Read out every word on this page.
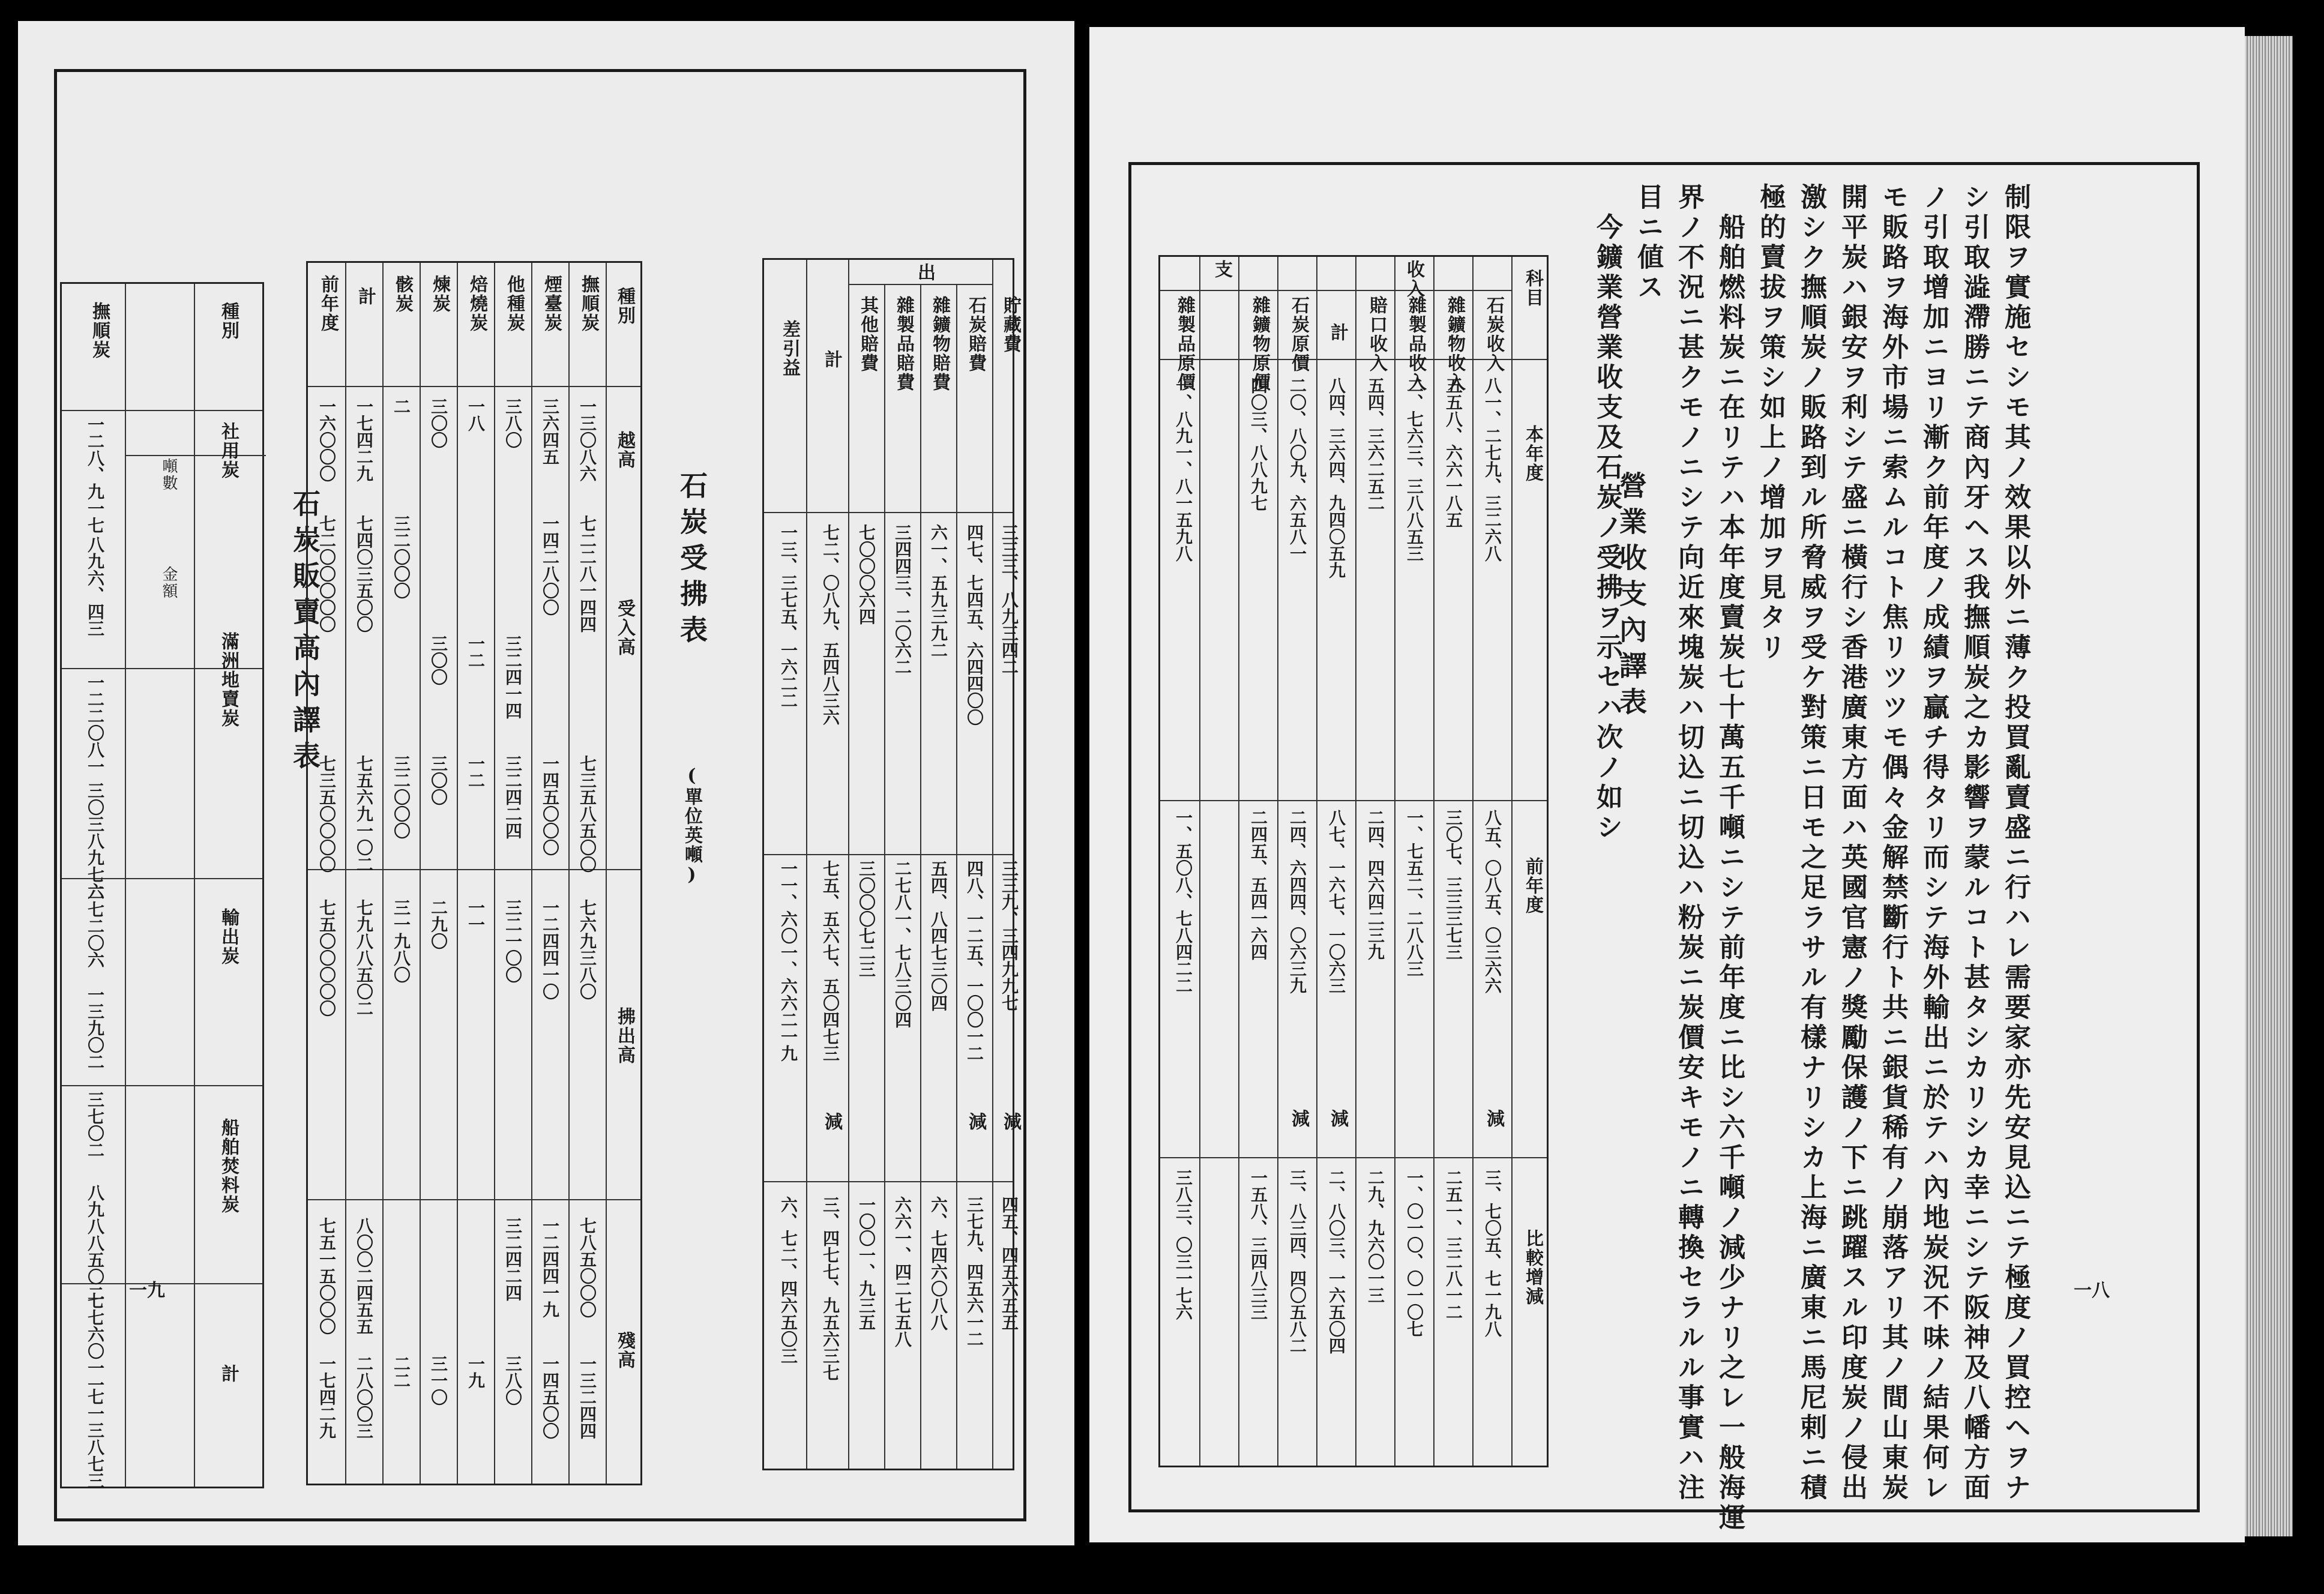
種別
撫順炭
社用炭
滿洲地賣炭
輸出炭
船舶焚料炭
計
噸數
金額
一二八、九一七
八九六、四三
一二二〇八一
三〇三八九七六
二七二〇六
一三九〇二
三七〇二
八九八八五〇二
七七六〇一一
七一三八七三
石炭販賣高內譯表
種別
越高
受入高
拂出高
殘高
撫順炭
煙臺炭
他種炭
焙燒炭
煉炭
骸炭
計
前年度
一三〇八六
七二二八一四四
七三五八五〇〇
七六九三八〇
七八五〇〇〇
一三二四四
三六四五
一四二八〇〇
一四五〇〇〇
一二四四一〇
一二四四一九
一四五〇〇
三八〇
三二四一四
三二四二四
三二一〇〇
三二四二四
三八〇
一八
一二
一二
一一
一九
三〇〇
三〇〇
三〇〇
二九〇
三一〇
二
三二〇〇〇
三二〇〇〇
三一九八〇
二二
一七四二九
七四〇三五〇〇
七五六九一〇二
七九八八五〇二
八〇〇二四五五
二八〇〇三
一六〇〇〇
七二〇〇〇〇〇
七三五〇〇〇〇
七五〇〇〇〇〇
七五一五〇〇〇
一七四二九
石炭受拂表
(單位英噸)
出
貯藏費
石炭賠費
雜鑛物賠費
雜製品賠費
其他賠費
計
差引益
三三三、八九三四二
四七、七四五、六四四〇〇
六一、五九三九二
三四四三、二〇六二
七〇〇〇六四
七二、〇八九、五四八三六
一三、三七五、一六二二
三三九、三四九九七
四八、一二五、一〇〇一二
五四、八四七三〇四
二七八一、七八三〇四
三〇〇〇七二三
七五、五六七、五〇四七三
一一、六〇一、六六二一九
減
減
減
四五、四五六五五
三七九、四五六一二
六、七四六〇八八
六六一、四二七五八
一〇〇一、九三五
三、四七七、九五六三七
六、七二、四六五〇三
一九
科目
本年度
前年度
比較增減
收入
支
石炭收入
雜鑛物收入
雜製品收入
賠口收入
計
石炭原價
雜鑛物原價
雜製品原價
八一、二七九、三二六八
五五八、六六一八五
二、七六三、三八八五三
五四、三六二五二
八四、三六四、九四〇五九
二〇、八〇九、六五八一
四〇三、八八九七
一、八九一、八一五九八
八五、〇八五、〇三六六
三〇七、三三三七三
一、七五二、二八八三
二四、四六四二三九
八七、一六七、一〇六三
二四、六四四、〇六三九
二四五、五四一六四
一、五〇八、七八四二二
減
減
減
三、七〇五、七一九八
二五一、三二八一二
一、〇一〇、〇一〇七
二九、九六〇一三
二、八〇三、一六五〇四
三、八三四、四〇五八二
一五八、三四八三三
三八三、〇三一七六
營業收支內譯表	制限ヲ實施セシモ其ノ效果以外ニ薄ク投買亂賣盛ニ行ハレ需要家亦先安見込ニテ極度ノ買控ヘヲナ
シ引取澁滯勝ニテ商內牙ヘス我撫順炭之カ影響ヲ蒙ルコト甚タシカリシカ幸ニシテ阪神及八幡方面
ノ引取增加ニヨリ漸ク前年度ノ成績ヲ贏チ得タリ而シテ海外輸出ニ於テハ內地炭況不味ノ結果何レ
モ販路ヲ海外市場ニ索ムルコト焦リツツモ偶々金解禁斷行ト共ニ銀貨稀有ノ崩落アリ其ノ間山東炭
開平炭ハ銀安ヲ利シテ盛ニ橫行シ香港廣東方面ハ英國官憲ノ獎勵保護ノ下ニ跳躍スル印度炭ノ侵出
激シク撫順炭ノ販路到ル所脅威ヲ受ケ對策ニ日モ之足ラサル有樣ナリシカ上海ニ廣東ニ馬尼剌ニ積
極的賣拔ヲ策シ如上ノ增加ヲ見タリ
船舶燃料炭ニ在リテハ本年度賣炭七十萬五千噸ニシテ前年度ニ比シ六千噸ノ減少ナリ之レ一般海運
界ノ不況ニ甚クモノニシテ向近來塊炭ハ切込ニ切込ハ粉炭ニ炭價安キモノニ轉換セラルル事實ハ注
目ニ値ス
今鑛業營業收支及石炭ノ受拂ヲ示セハ次ノ如シ
一八
